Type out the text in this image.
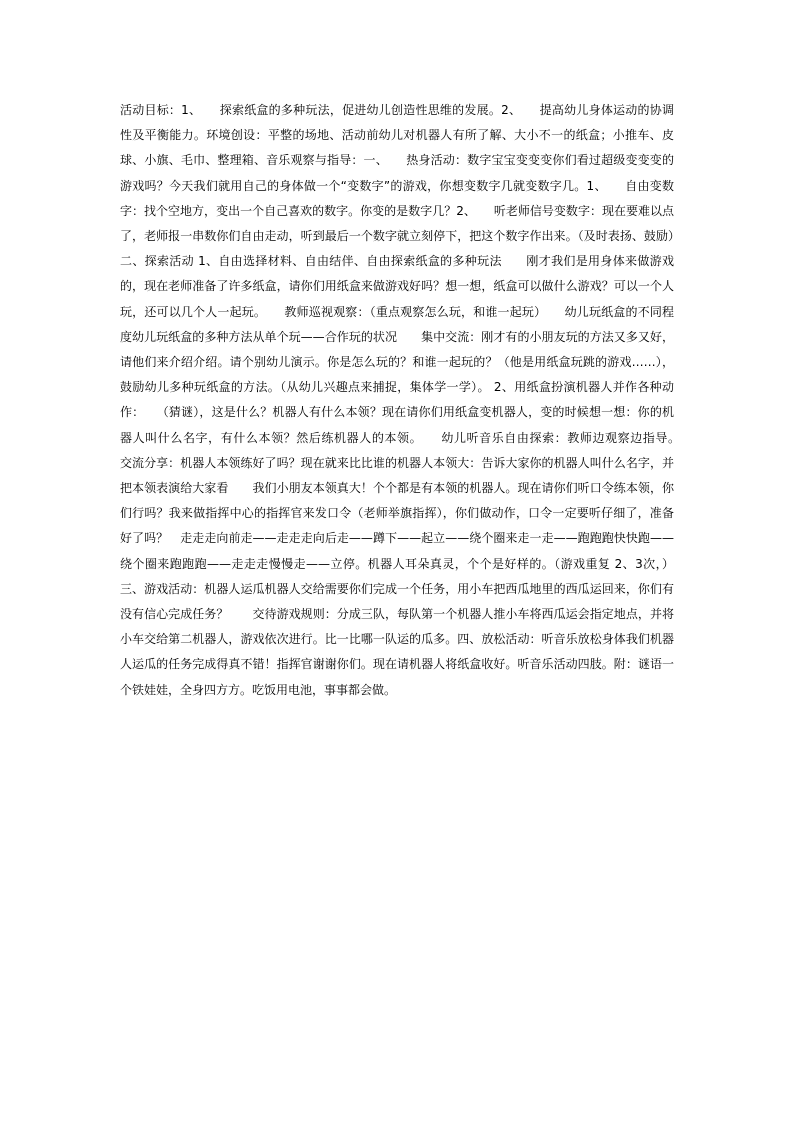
活动目标：1、　　探索纸盒的多种玩法，促进幼儿创造性思维的发展。2、　　提高幼儿身体运动的协调性及平衡能力。环境创设：平整的场地、活动前幼儿对机器人有所了解、大小不一的纸盒；小推车、皮球、小旗、毛巾、整理箱、音乐观察与指导：一、　　热身活动：数字宝宝变变变你们看过超级变变变的游戏吗？今天我们就用自己的身体做一个“变数字”的游戏，你想变数字几就变数字几。1、　　自由变数字：找个空地方，变出一个自己喜欢的数字。你变的是数字几？2、　　听老师信号变数字：现在要难以点了，老师报一串数你们自由走动，听到最后一个数字就立刻停下，把这个数字作出来。（及时表扬、鼓励）二、探索活动 1、自由选择材料、自由结伴、自由探索纸盒的多种玩法　　刚才我们是用身体来做游戏的，现在老师准备了许多纸盒，请你们用纸盒来做游戏好吗？想一想，纸盒可以做什么游戏？可以一个人玩，还可以几个人一起玩。　　教师巡视观察：（重点观察怎么玩，和谁一起玩）　　幼儿玩纸盒的不同程度幼儿玩纸盒的多种方法从单个玩——合作玩的状况　　集中交流：刚才有的小朋友玩的方法又多又好，请他们来介绍介绍。请个别幼儿演示。你是怎么玩的？和谁一起玩的？（他是用纸盒玩跳的游戏……），鼓励幼儿多种玩纸盒的方法。（从幼儿兴趣点来捕捉，集体学一学）。 2、用纸盒扮演机器人并作各种动作：　　（猜谜），这是什么？机器人有什么本领？现在请你们用纸盒变机器人，变的时候想一想：你的机器人叫什么名字，有什么本领？然后练机器人的本领。　　幼儿听音乐自由探索：教师边观察边指导。　　交流分享：机器人本领练好了吗？现在就来比比谁的机器人本领大：告诉大家你的机器人叫什么名字，并把本领表演给大家看　　我们小朋友本领真大！个个都是有本领的机器人。现在请你们听口令练本领，你们行吗？我来做指挥中心的指挥官来发口令（老师举旗指挥），你们做动作，口令一定要听仔细了，准备好了吗？　走走走向前走——走走走向后走——蹲下——起立——绕个圈来走一走——跑跑跑快快跑——绕个圈来跑跑跑——走走走慢慢走——立停。机器人耳朵真灵，个个是好样的。（游戏重复 2、3次，）三、游戏活动：机器人运瓜机器人交给需要你们完成一个任务，用小车把西瓜地里的西瓜运回来，你们有没有信心完成任务？　　交待游戏规则：分成三队，每队第一个机器人推小车将西瓜运会指定地点，并将小车交给第二机器人，游戏依次进行。比一比哪一队运的瓜多。四、放松活动：听音乐放松身体我们机器人运瓜的任务完成得真不错！指挥官谢谢你们。现在请机器人将纸盒收好。听音乐活动四肢。附：谜语一个铁娃娃，全身四方方。吃饭用电池，事事都会做。
